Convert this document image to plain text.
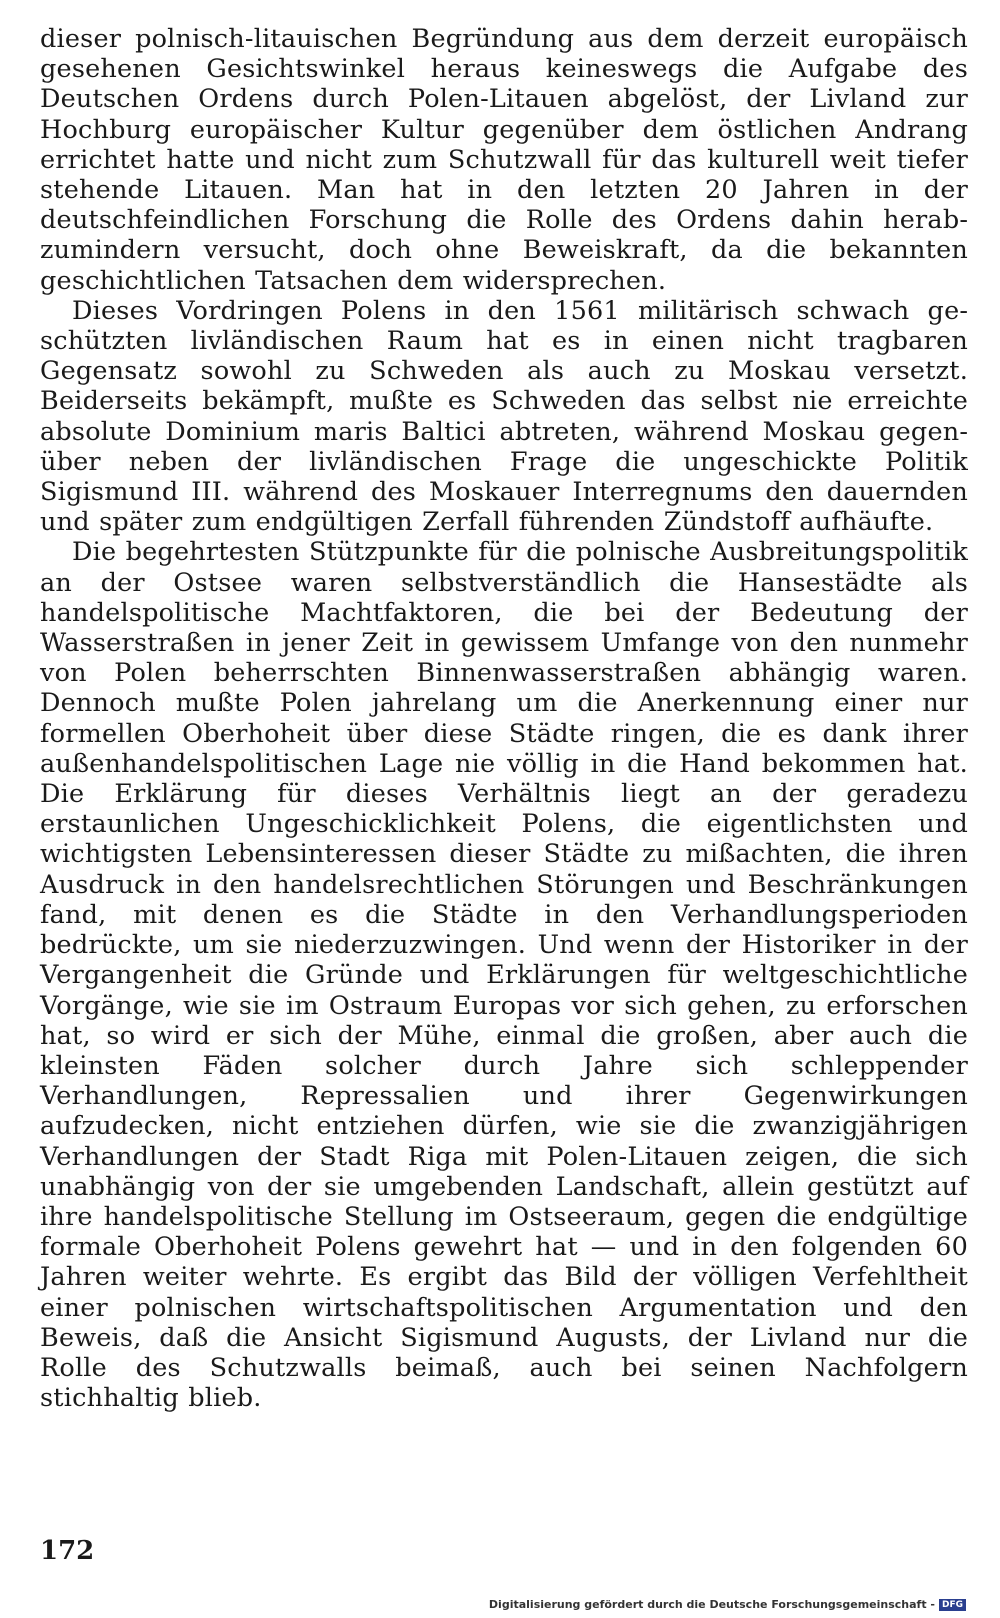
dieser polnisch-litauischen Begründung aus dem derzeit europäisch gesehenen Gesichtswinkel heraus keineswegs die Aufgabe des Deutschen Ordens durch Polen-Litauen abgelöst, der Livland zur Hochburg europäischer Kultur gegenüber dem östlichen Andrang errichtet hatte und nicht zum Schutzwall für das kulturell weit tiefer stehende Litauen. Man hat in den letzten 20 Jahren in der deutschfeindlichen Forschung die Rolle des Ordens dahin herabzumindern versucht, doch ohne Beweiskraft, da die bekannten geschichtlichen Tatsachen dem widersprechen.

Dieses Vordringen Polens in den 1561 militärisch schwach geschützten livländischen Raum hat es in einen nicht tragbaren Gegensatz sowohl zu Schweden als auch zu Moskau versetzt. Beiderseits bekämpft, mußte es Schweden das selbst nie erreichte absolute Dominium maris Baltici abtreten, während Moskau gegenüber neben der livländischen Frage die ungeschickte Politik Sigismund III. während des Moskauer Interregnums den dauernden und später zum endgültigen Zerfall führenden Zündstoff aufhäufte.

Die begehrtesten Stützpunkte für die polnische Ausbreitungspolitik an der Ostsee waren selbstverständlich die Hansestädte als handelspolitische Machtfaktoren, die bei der Bedeutung der Wasserstraßen in jener Zeit in gewissem Umfange von den nunmehr von Polen beherrschten Binnenwasserstraßen abhängig waren. Dennoch mußte Polen jahrelang um die Anerkennung einer nur formellen Oberhoheit über diese Städte ringen, die es dank ihrer außenhandelspolitischen Lage nie völlig in die Hand bekommen hat. Die Erklärung für dieses Verhältnis liegt an der geradezu erstaunlichen Ungeschicklichkeit Polens, die eigentlichsten und wichtigsten Lebensinteressen dieser Städte zu mißachten, die ihren Ausdruck in den handelsrechtlichen Störungen und Beschränkungen fand, mit denen es die Städte in den Verhandlungsperioden bedrückte, um sie niederzuzwingen. Und wenn der Historiker in der Vergangenheit die Gründe und Erklärungen für weltgeschichtliche Vorgänge, wie sie im Ostraum Europas vor sich gehen, zu erforschen hat, so wird er sich der Mühe, einmal die großen, aber auch die kleinsten Fäden solcher durch Jahre sich schleppender Verhandlungen, Repressalien und ihrer Gegenwirkungen aufzudecken, nicht entziehen dürfen, wie sie die zwanzigjährigen Verhandlungen der Stadt Riga mit Polen-Litauen zeigen, die sich unabhängig von der sie umgebenden Landschaft, allein gestützt auf ihre handelspolitische Stellung im Ostseeraum, gegen die endgültige formale Oberhoheit Polens gewehrt hat — und in den folgenden 60 Jahren weiter wehrte. Es ergibt das Bild der völligen Verfehltheit einer polnischen wirtschaftspolitischen Argumentation und den Beweis, daß die Ansicht Sigismund Augusts, der Livland nur die Rolle des Schutzwalls beimaß, auch bei seinen Nachfolgern stichhaltig blieb.

172
Digitalisierung gefördert durch die Deutsche Forschungsgemeinschaft - DFG
